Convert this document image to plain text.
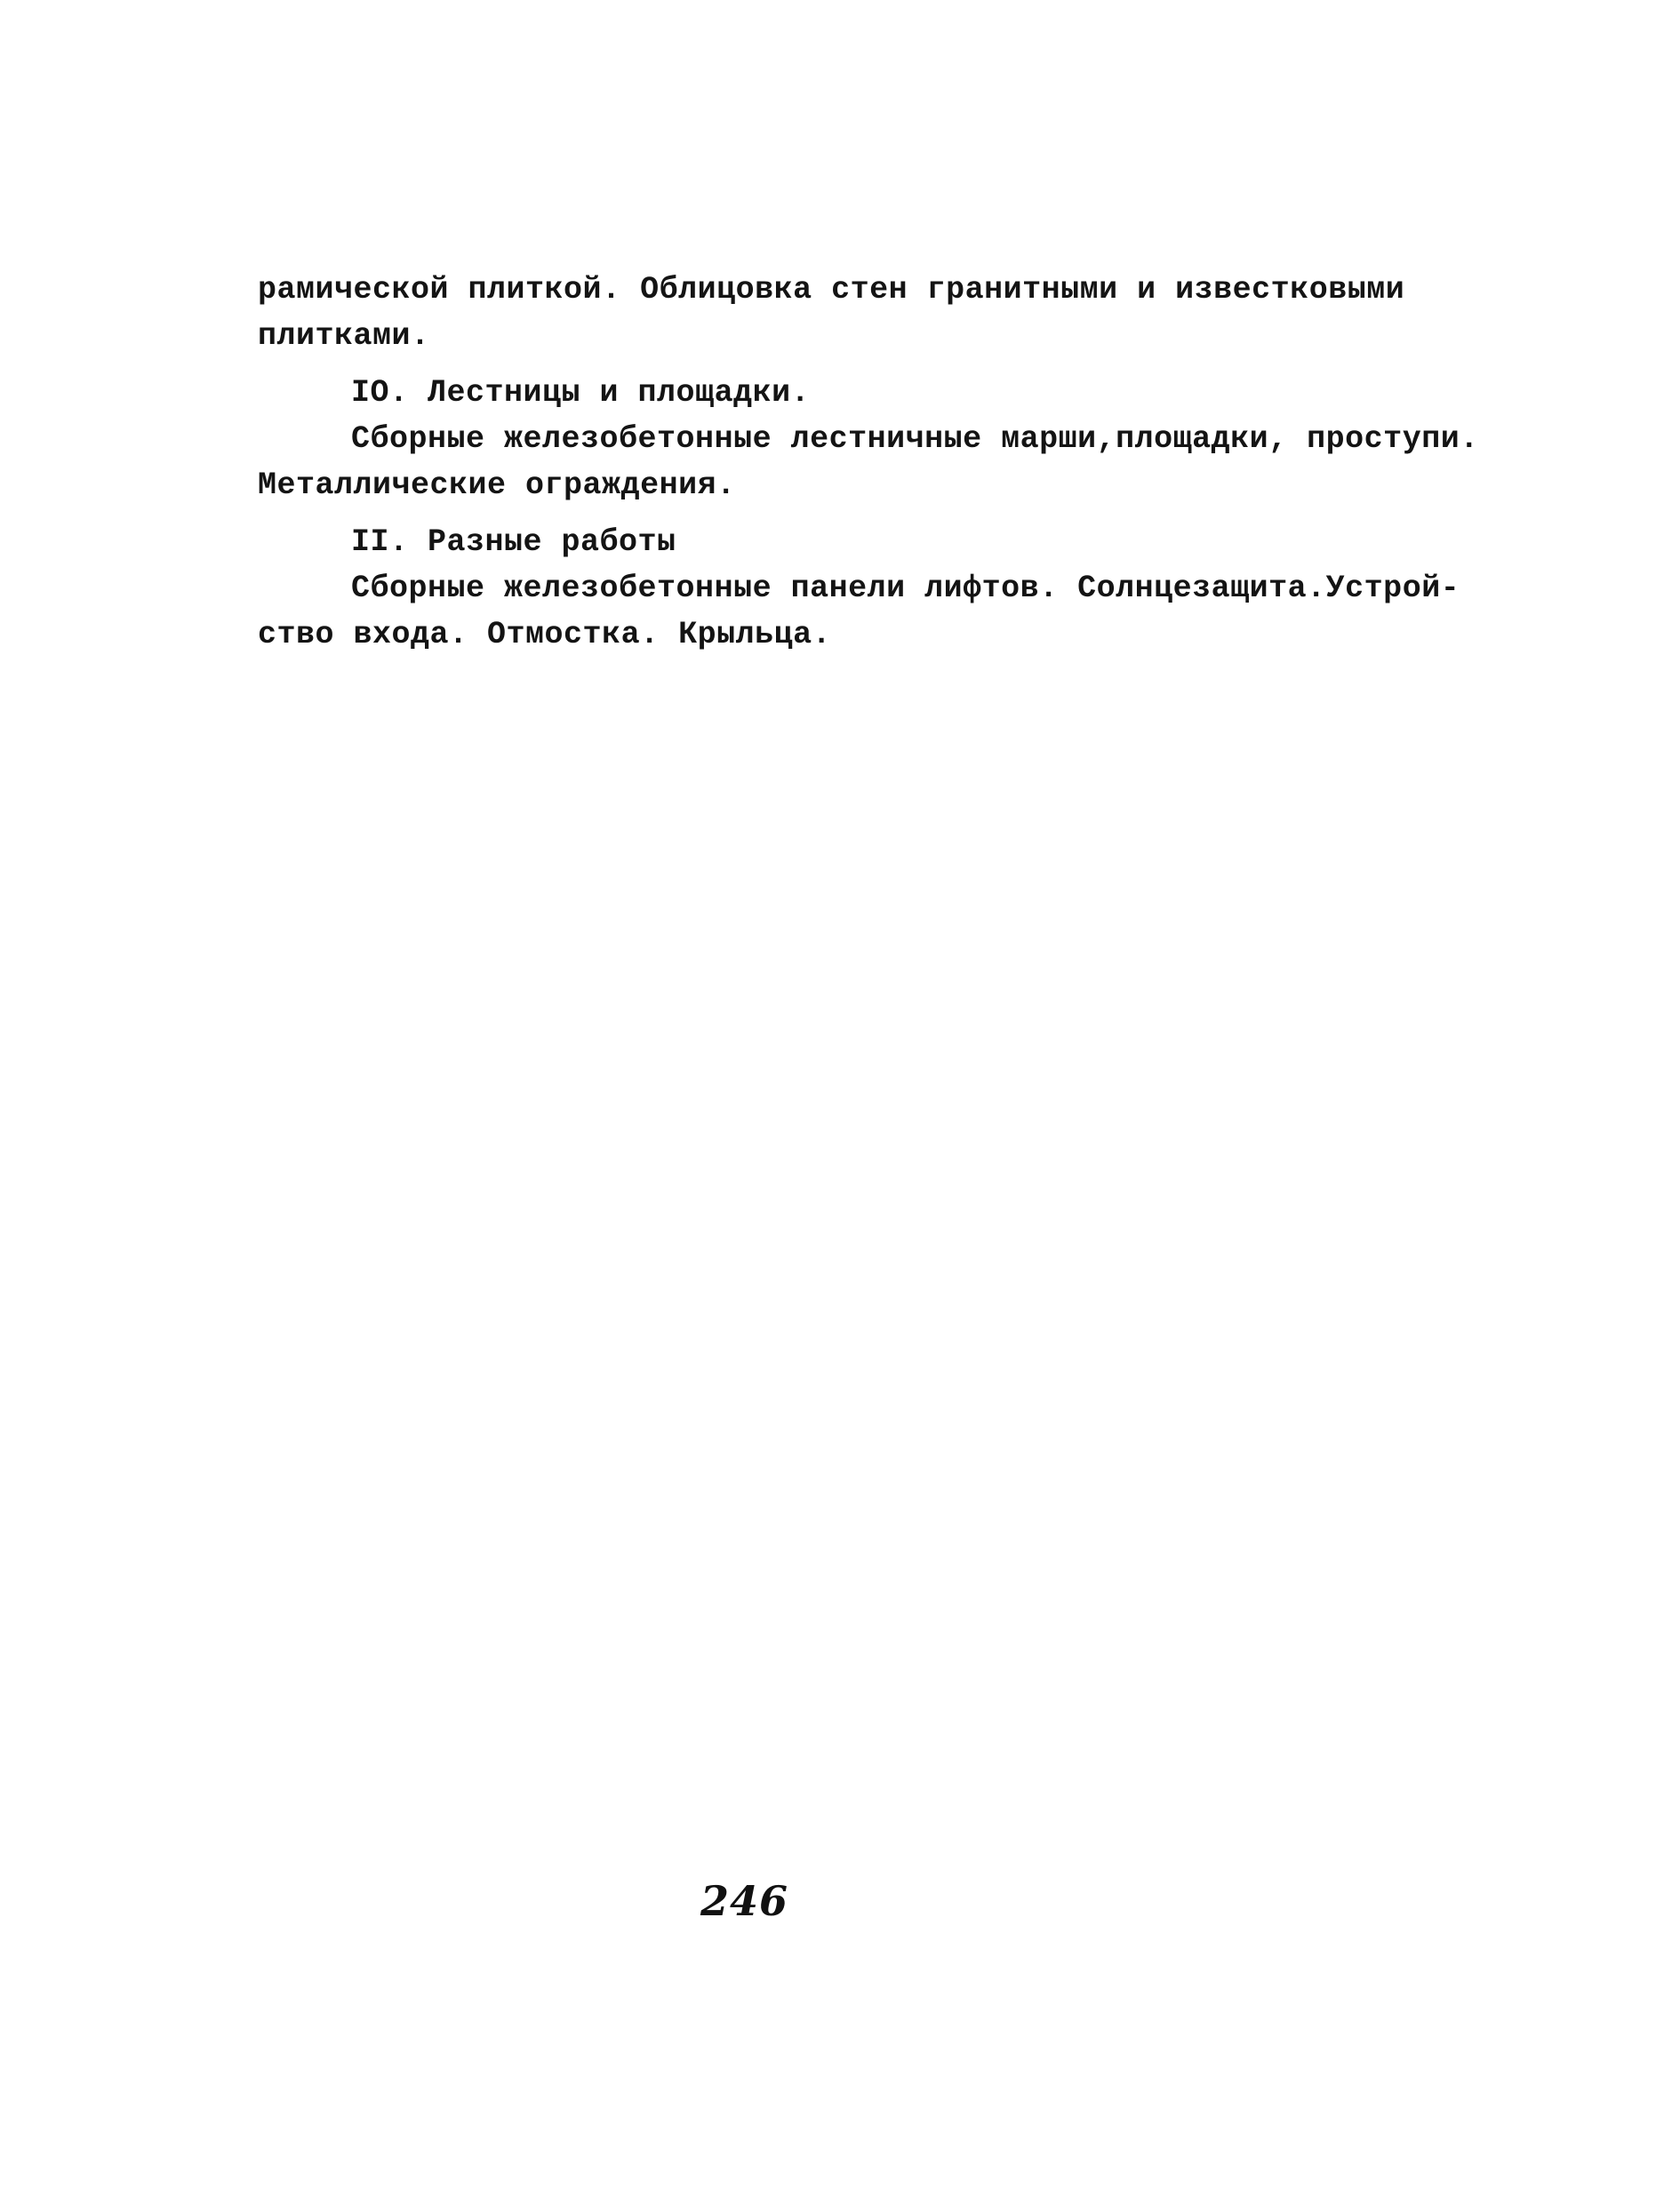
рамической плиткой. Облицовка стен гранитными и известковыми
плитками.
IO. Лестницы и площадки.
Сборные железобетонные лестничные марши,площадки, проступи.
Металлические ограждения.
II. Разные работы
Сборные железобетонные панели лифтов. Солнцезащита.Устрой-
ство входа. Отмостка. Крыльца.
246
